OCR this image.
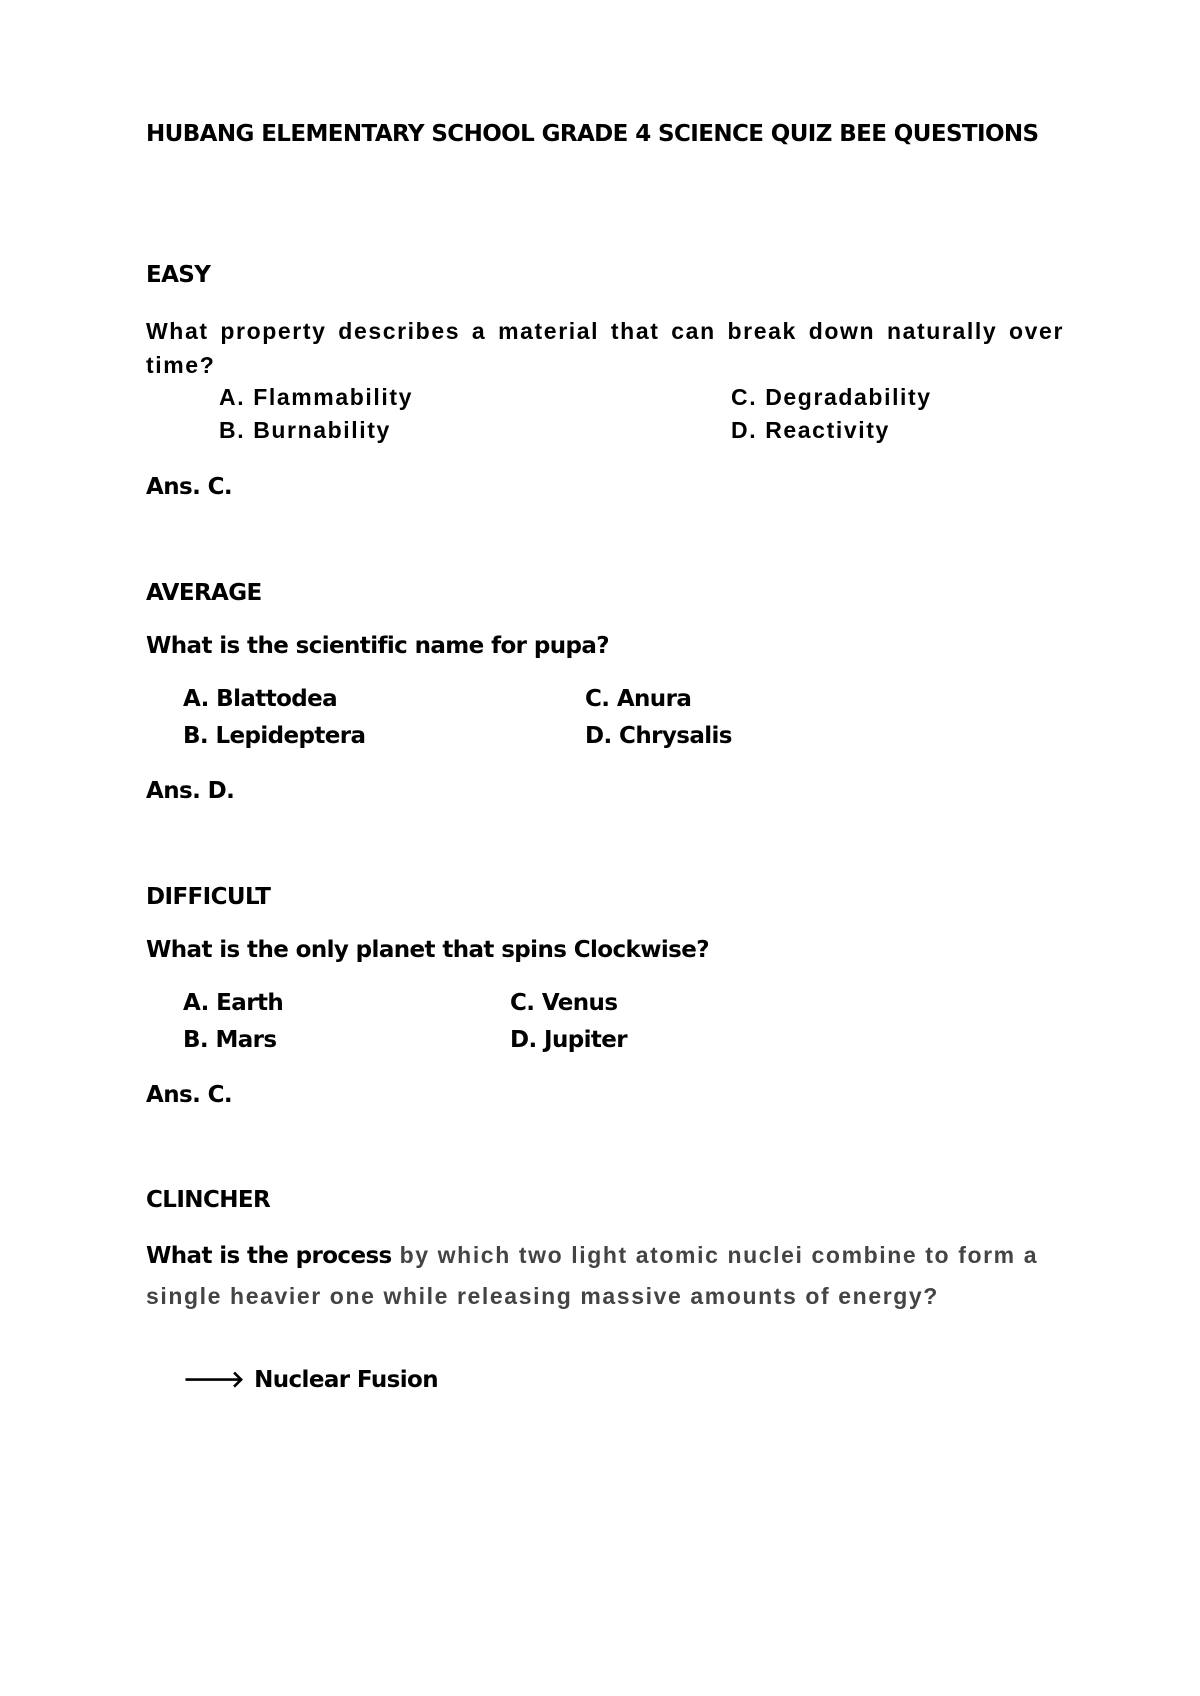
HUBANG ELEMENTARY SCHOOL GRADE 4 SCIENCE QUIZ BEE QUESTIONS

EASY
What property describes a material that can break down naturally over time?
A. Flammability
B. Burnability
C. Degradability
D. Reactivity
Ans. C.
AVERAGE
What is the scientific name for pupa?
A. Blattodea
B. Lepideptera
C. Anura
D. Chrysalis
Ans. D.
DIFFICULT
What is the only planet that spins Clockwise?
A. Earth
B. Mars
C. Venus
D. Jupiter
Ans. C.
CLINCHER
What is the process by which two light atomic nuclei combine to form a single heavier one while releasing massive amounts of energy?
🡒 Nuclear Fusion
